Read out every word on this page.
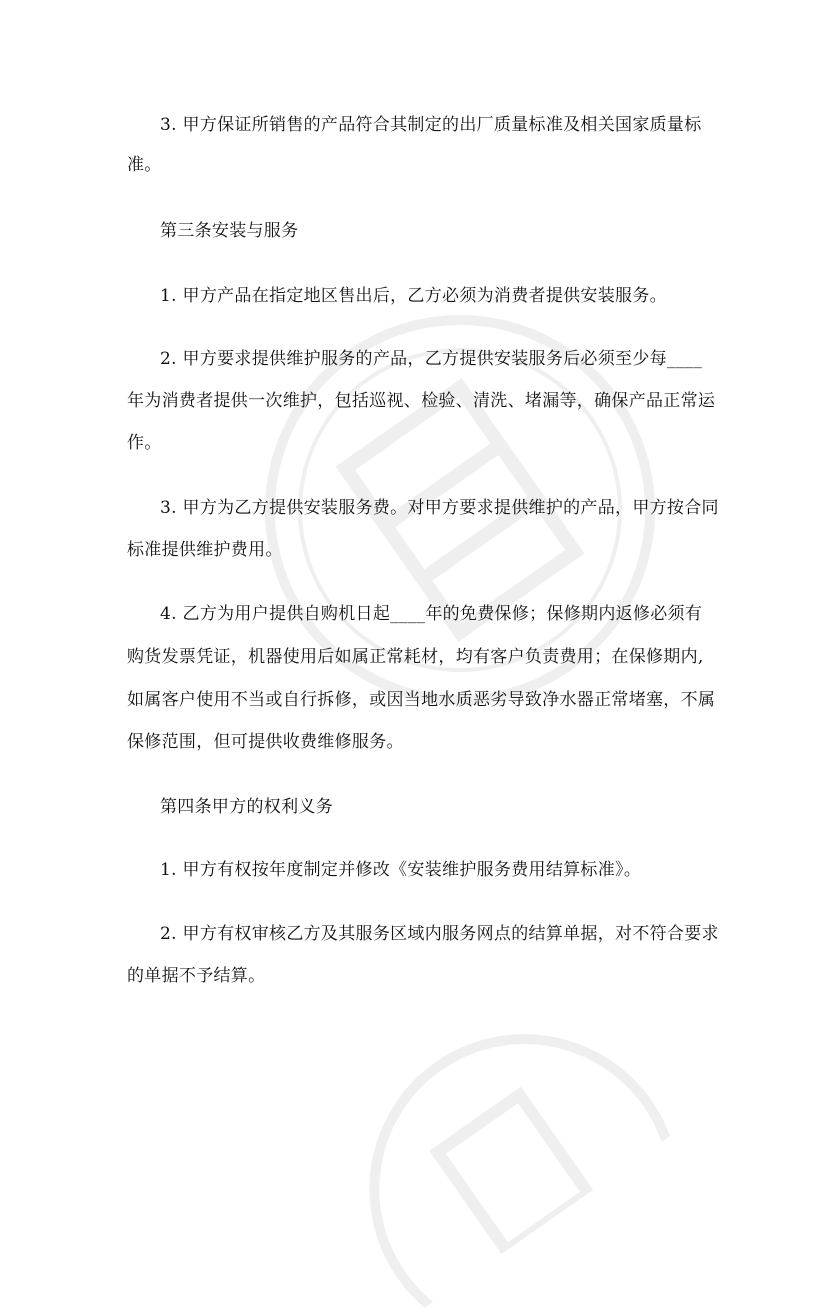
3. 甲方保证所销售的产品符合其制定的出厂质量标准及相关国家质量标
准。
第三条安装与服务
1. 甲方产品在指定地区售出后，乙方必须为消费者提供安装服务。
2. 甲方要求提供维护服务的产品，乙方提供安装服务后必须至少每____
年为消费者提供一次维护，包括巡视、检验、清洗、堵漏等，确保产品正常运
作。
3. 甲方为乙方提供安装服务费。对甲方要求提供维护的产品，甲方按合同
标准提供维护费用。
4. 乙方为用户提供自购机日起____年的免费保修；保修期内返修必须有
购货发票凭证，机器使用后如属正常耗材，均有客户负责费用；在保修期内,
如属客户使用不当或自行拆修，或因当地水质恶劣导致净水器正常堵塞，不属
保修范围，但可提供收费维修服务。
第四条甲方的权利义务
1. 甲方有权按年度制定并修改《安装维护服务费用结算标准》。
2. 甲方有权审核乙方及其服务区域内服务网点的结算单据，对不符合要求
的单据不予结算。
